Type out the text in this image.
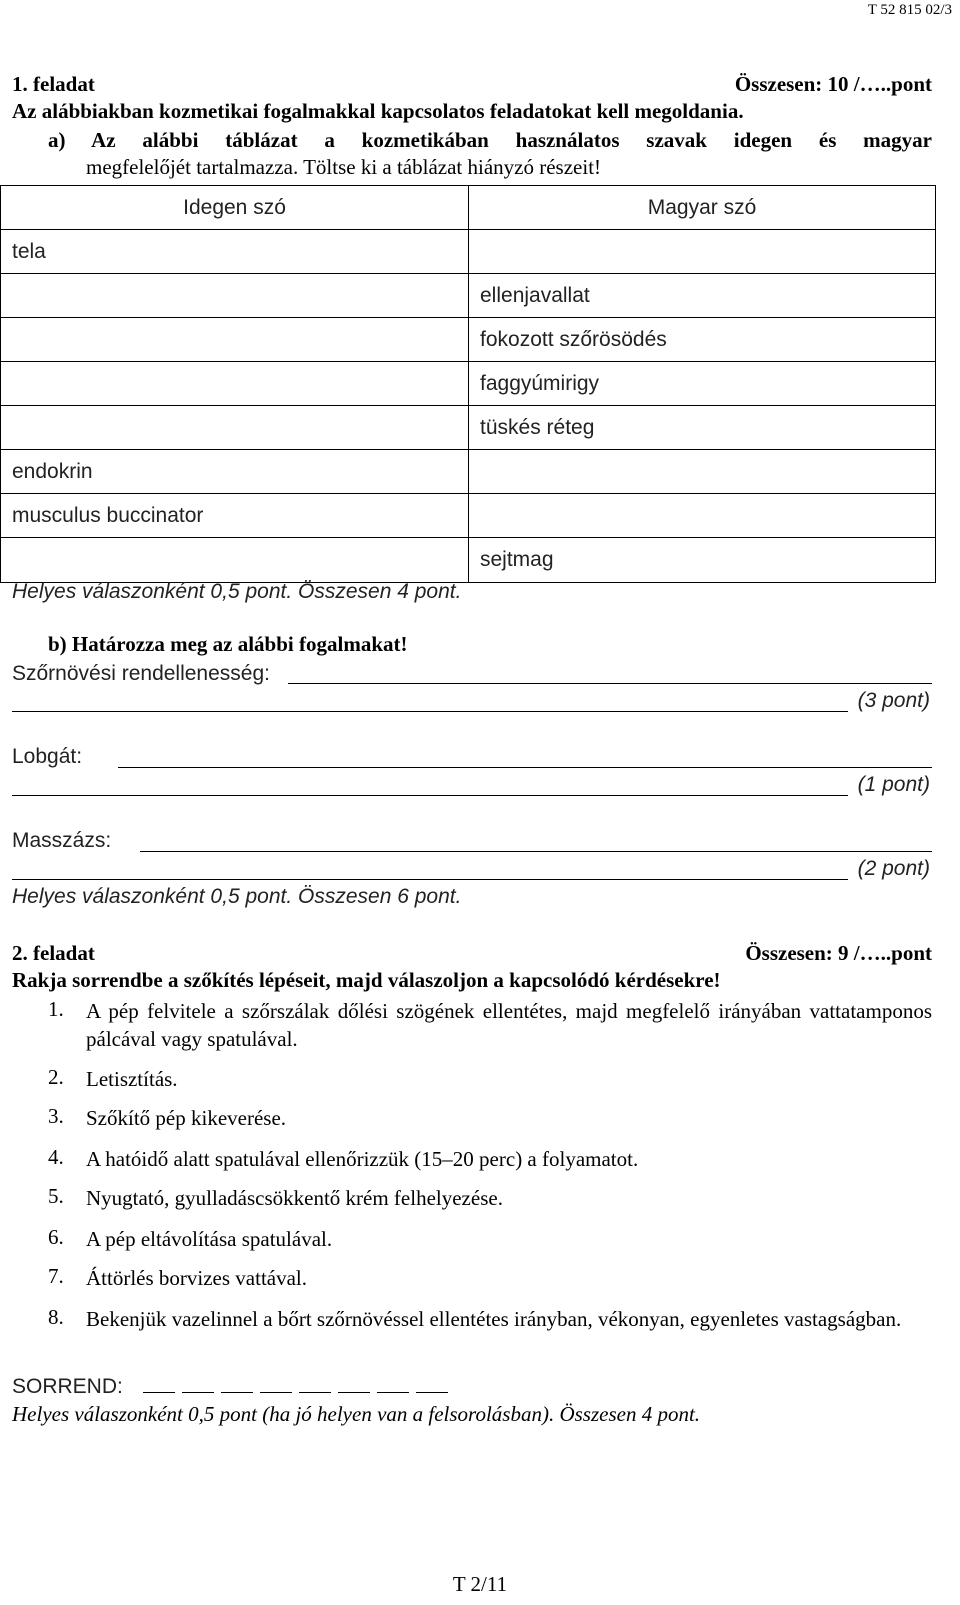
T 52 815 02/3
1. feladat	Összesen: 10 /…..pont
Az alábbiakban kozmetikai fogalmakkal kapcsolatos feladatokat kell megoldania.
a) Az alábbi táblázat a kozmetikában használatos szavak idegen és magyar
megfelelőjét tartalmazza. Töltse ki a táblázat hiányzó részeit!
Idegen szó	Magyar szó
tela	
	ellenjavallat
	fokozott szőrösödés
	faggyúmirigy
	tüskés réteg
endokrin	
musculus buccinator	
	sejtmag
Helyes válaszonként 0,5 pont. Összesen 4 pont.
b) Határozza meg az alábbi fogalmakat!
Szőrnövési rendellenesség:
(3 pont)
Lobgát:
(1 pont)
Masszázs:
(2 pont)
Helyes válaszonként 0,5 pont. Összesen 6 pont.
2. feladat	Összesen: 9 /…..pont
Rakja sorrendbe a szőkítés lépéseit, majd válaszoljon a kapcsolódó kérdésekre!
1. A pép felvitele a szőrszálak dőlési szögének ellentétes, majd megfelelő irányában vattatamponos pálcával vagy spatulával.
2. Letisztítás.
3. Szőkítő pép kikeverése.
4. A hatóidő alatt spatulával ellenőrizzük (15–20 perc) a folyamatot.
5. Nyugtató, gyulladáscsökkentő krém felhelyezése.
6. A pép eltávolítása spatulával.
7. Áttörlés borvizes vattával.
8. Bekenjük vazelinnel a bőrt szőrnövéssel ellentétes irányban, vékonyan, egyenletes vastagságban.
SORREND:
Helyes válaszonként 0,5 pont (ha jó helyen van a felsorolásban). Összesen 4 pont.
T 2/11
